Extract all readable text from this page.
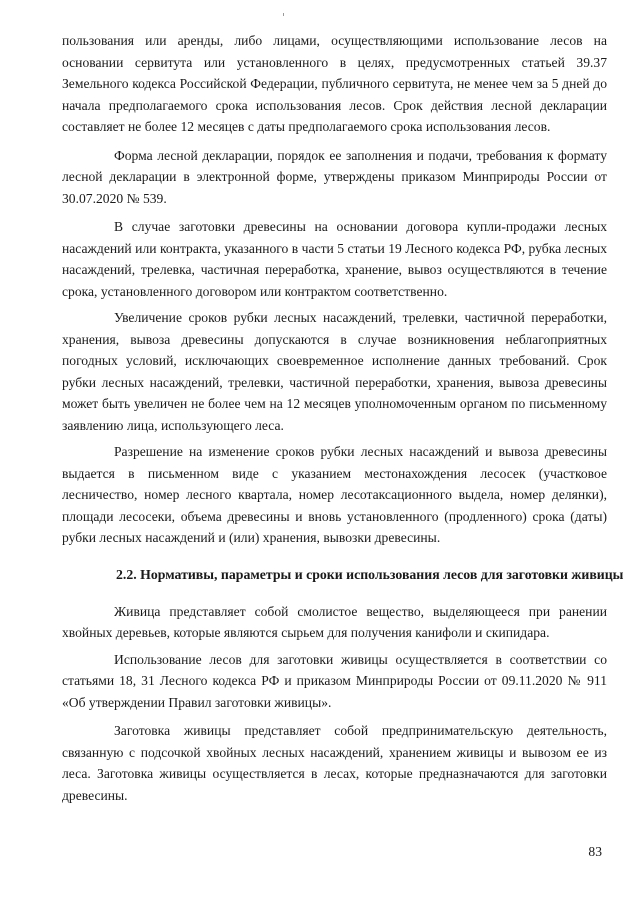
пользования или аренды, либо лицами, осуществляющими использование лесов на основании сервитута или установленного в целях, предусмотренных статьей 39.37 Земельного кодекса Российской Федерации, публичного сервитута, не менее чем за 5 дней до начала предполагаемого срока использования лесов. Срок действия лесной декларации составляет не более 12 месяцев с даты предполагаемого срока использования лесов.

Форма лесной декларации, порядок ее заполнения и подачи, требования к формату лесной декларации в электронной форме, утверждены приказом Минприроды России от 30.07.2020 № 539.

В случае заготовки древесины на основании договора купли-продажи лесных насаждений или контракта, указанного в части 5 статьи 19 Лесного кодекса РФ, рубка лесных насаждений, трелевка, частичная переработка, хранение, вывоз осуществляются в течение срока, установленного договором или контрактом соответственно.

Увеличение сроков рубки лесных насаждений, трелевки, частичной переработки, хранения, вывоза древесины допускаются в случае возникновения неблагоприятных погодных условий, исключающих своевременное исполнение данных требований. Срок рубки лесных насаждений, трелевки, частичной переработки, хранения, вывоза древесины может быть увеличен не более чем на 12 месяцев уполномоченным органом по письменному заявлению лица, использующего леса.

Разрешение на изменение сроков рубки лесных насаждений и вывоза древесины выдается в письменном виде с указанием местонахождения лесосек (участковое лесничество, номер лесного квартала, номер лесотаксационного выдела, номер делянки), площади лесосеки, объема древесины и вновь установленного (продленного) срока (даты) рубки лесных насаждений и (или) хранения, вывозки древесины.

2.2. Нормативы, параметры и сроки использования лесов для заготовки живицы

Живица представляет собой смолистое вещество, выделяющееся при ранении хвойных деревьев, которые являются сырьем для получения канифоли и скипидара.

Использование лесов для заготовки живицы осуществляется в соответствии со статьями 18, 31 Лесного кодекса РФ и приказом Минприроды России от 09.11.2020 № 911 «Об утверждении Правил заготовки живицы».

Заготовка живицы представляет собой предпринимательскую деятельность, связанную с подсочкой хвойных лесных насаждений, хранением живицы и вывозом ее из леса. Заготовка живицы осуществляется в лесах, которые предназначаются для заготовки древесины.

83
